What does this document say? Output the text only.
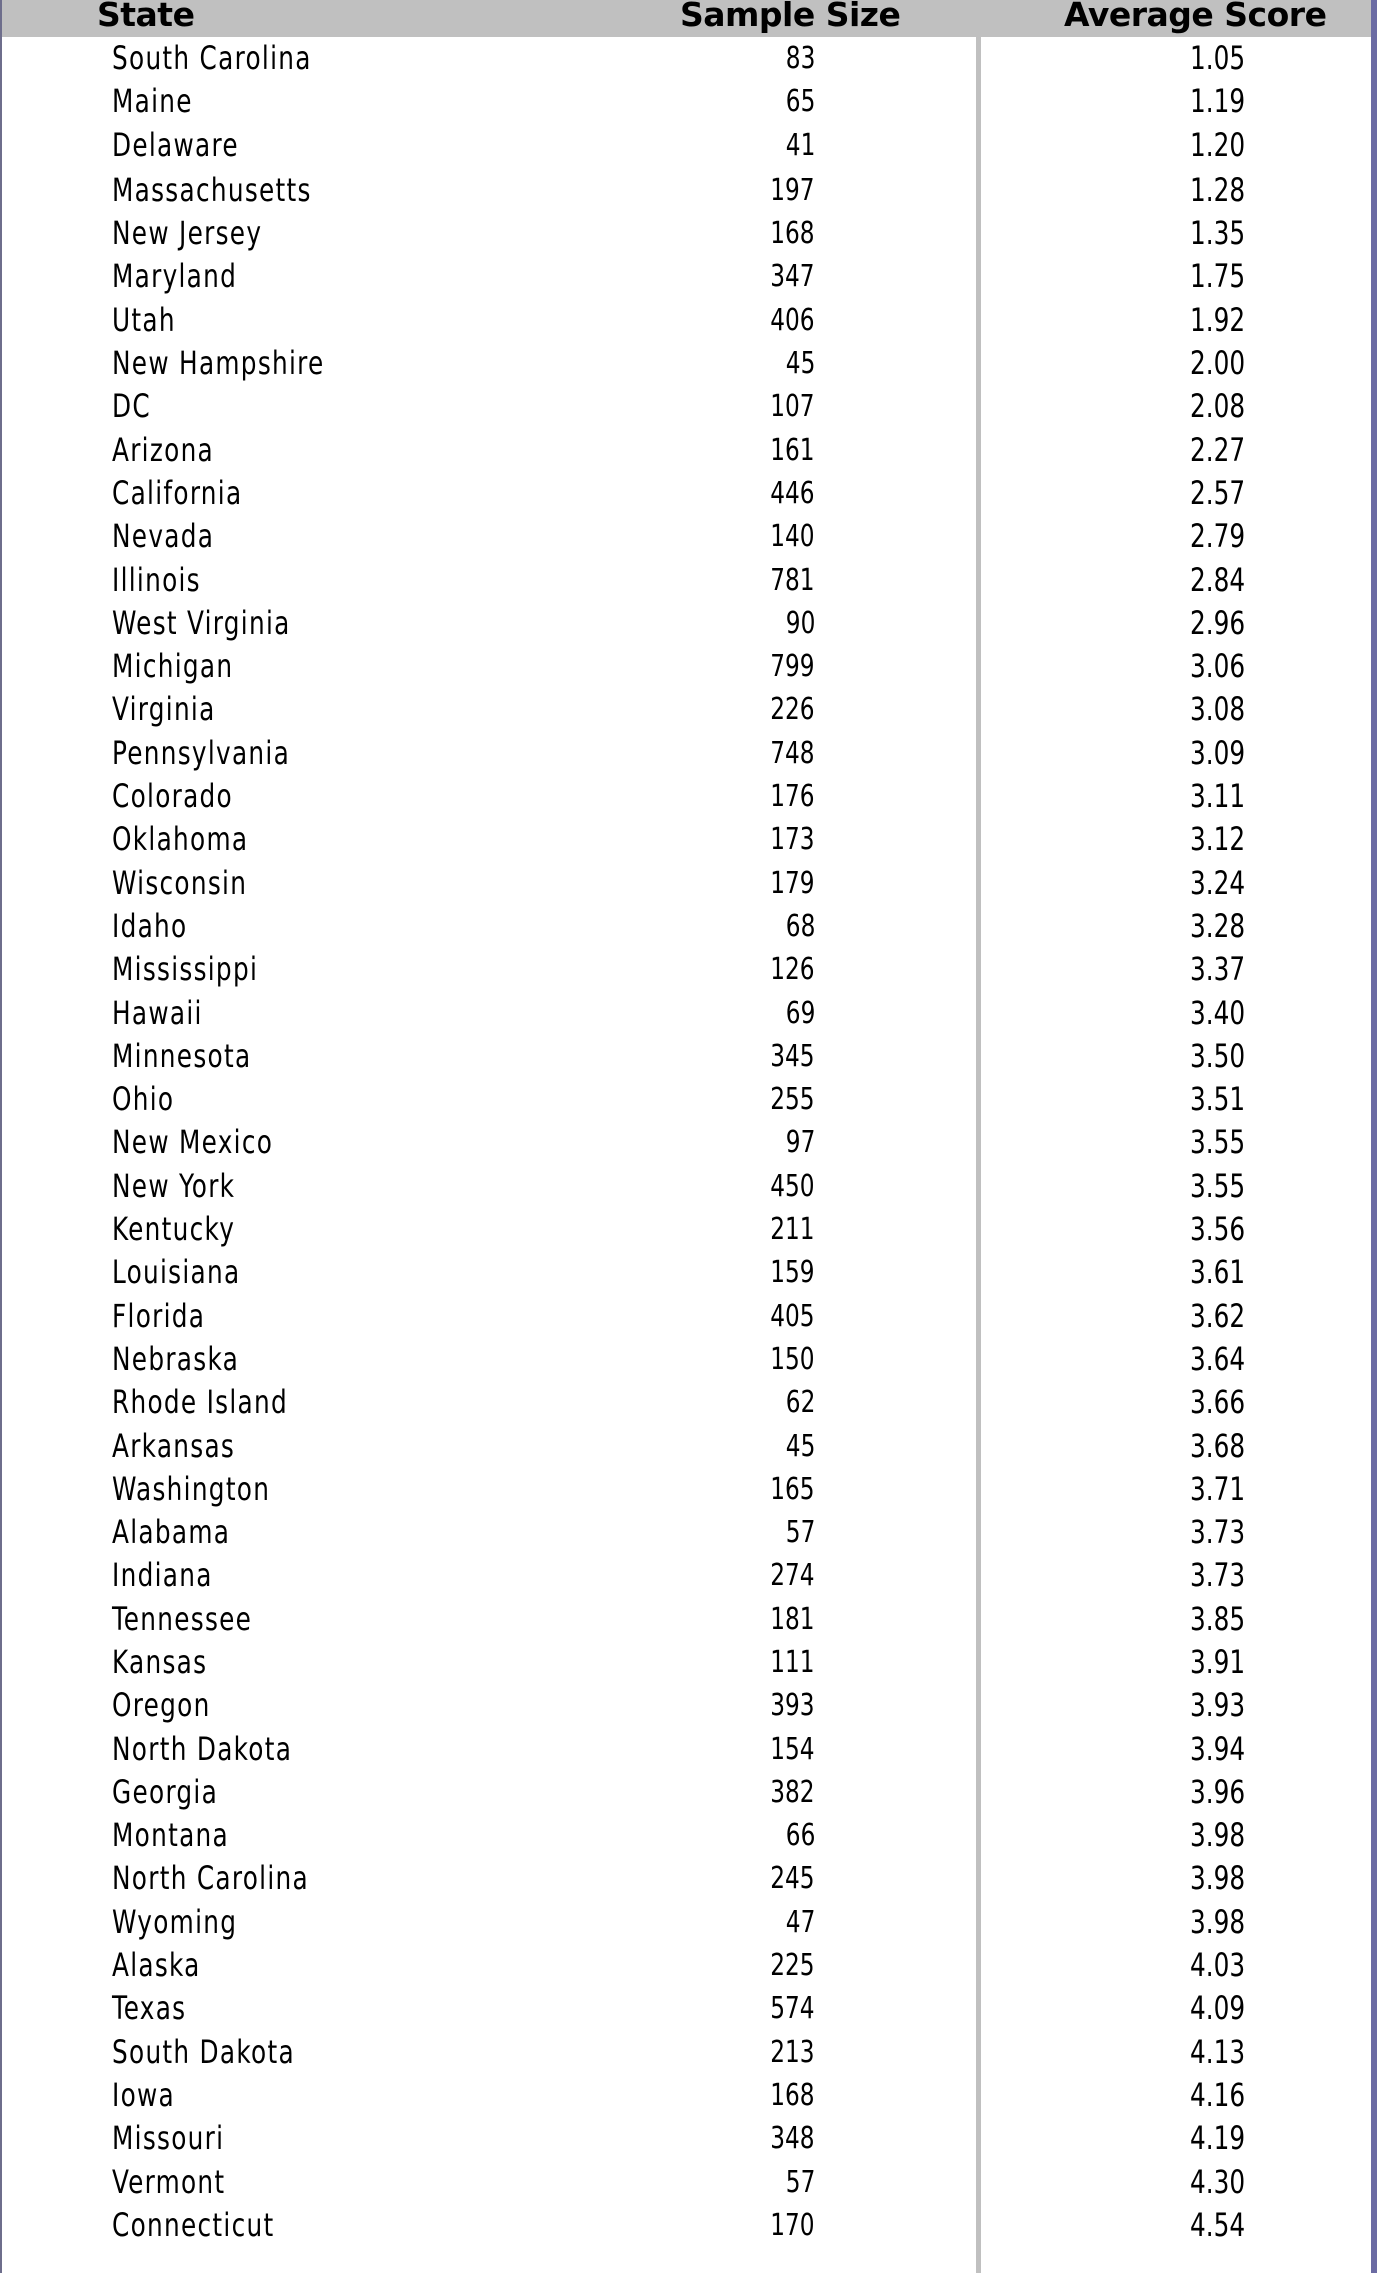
State	Sample Size	Average Score
South Carolina	83	1.05
Maine	65	1.19
Delaware	41	1.20
Massachusetts	197	1.28
New Jersey	168	1.35
Maryland	347	1.75
Utah	406	1.92
New Hampshire	45	2.00
DC	107	2.08
Arizona	161	2.27
California	446	2.57
Nevada	140	2.79
Illinois	781	2.84
West Virginia	90	2.96
Michigan	799	3.06
Virginia	226	3.08
Pennsylvania	748	3.09
Colorado	176	3.11
Oklahoma	173	3.12
Wisconsin	179	3.24
Idaho	68	3.28
Mississippi	126	3.37
Hawaii	69	3.40
Minnesota	345	3.50
Ohio	255	3.51
New Mexico	97	3.55
New York	450	3.55
Kentucky	211	3.56
Louisiana	159	3.61
Florida	405	3.62
Nebraska	150	3.64
Rhode Island	62	3.66
Arkansas	45	3.68
Washington	165	3.71
Alabama	57	3.73
Indiana	274	3.73
Tennessee	181	3.85
Kansas	111	3.91
Oregon	393	3.93
North Dakota	154	3.94
Georgia	382	3.96
Montana	66	3.98
North Carolina	245	3.98
Wyoming	47	3.98
Alaska	225	4.03
Texas	574	4.09
South Dakota	213	4.13
Iowa	168	4.16
Missouri	348	4.19
Vermont	57	4.30
Connecticut	170	4.54
